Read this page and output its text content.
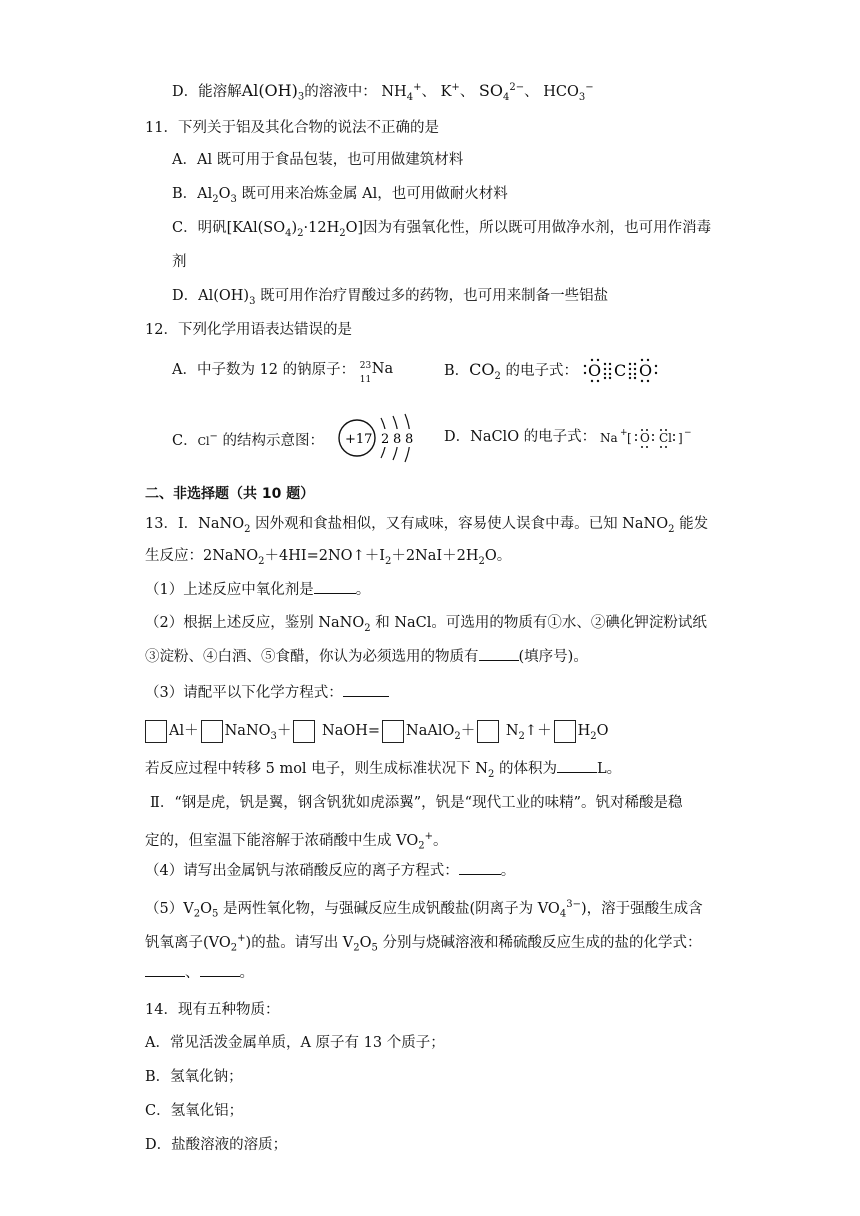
D．能溶解$Al(OH)_3$的溶液中： $NH_4^+$、 K+、 $SO_4^{2-}$、 $HCO_3^-$
11．下列关于铝及其化合物的说法不正确的是
A．Al 既可用于食品包装，也可用做建筑材料
B．$Al_2O_3$ 既可用来冶炼金属 Al，也可用做耐火材料
C．明矾$[KAl(SO_4)_2\cdot 12H_2O]$因为有强氧化性，所以既可用做净水剂，也可用作消毒
剂
D．$Al(OH)_3$ 既可用作治疗胃酸过多的药物，也可用来制备一些铝盐
12．下列化学用语表达错误的是
A．中子数为 12 的钠原子： 23
11
Na	B．$CO_2$ 的电子式： O C O
C．Cl− 的结构示意图： +17 2 8 8 D．NaClO 的电子式： Na + [ O Cl ] −
二、非选择题（共 10 题）
13．Ⅰ．NaNO$_2$ 因外观和食盐相似，又有咸味，容易使人误食中毒。已知 NaNO$_2$ 能发
生反应：$2NaNO_2+4HI=2NO↑+I_2+2NaI+2H_2O$。
（1）上述反应中氧化剂是	。
（2）根据上述反应，鉴别 NaNO$_2$ 和 NaCl。可选用的物质有①水、②碘化钾淀粉试纸
③淀粉、④白酒、⑤食醋，你认为必须选用的物质有	(填序号)。
（3）请配平以下化学方程式：
Al＋ NaNO$_3$＋ NaOH= NaAlO$_2$＋ $N_2↑+ H_2O$
若反应过程中转移 5 mol 电子，则生成标准状况下 $N_2$ 的体积为	L。
Ⅱ．“钢是虎，钒是翼，钢含钒犹如虎添翼”，钒是“现代工业的味精”。钒对稀酸是稳
定的，但室温下能溶解于浓硝酸中生成 $VO_2^+$。
（4）请写出金属钒与浓硝酸反应的离子方程式：	。
$(5)V_2O_5$ 是两性氧化物，与强碱反应生成钒酸盐(阴离子为 $VO_4^{3-}$)，溶于强酸生成含
钒氧离子$(VO_2^+)$的盐。请写出 $V_2O_5$ 分别与烧碱溶液和稀硫酸反应生成的盐的化学式：
、	。
14．现有五种物质：
A．常见活泼金属单质，A 原子有 13 个质子；
B．氢氧化钠；
C．氢氧化铝；
D．盐酸溶液的溶质；
